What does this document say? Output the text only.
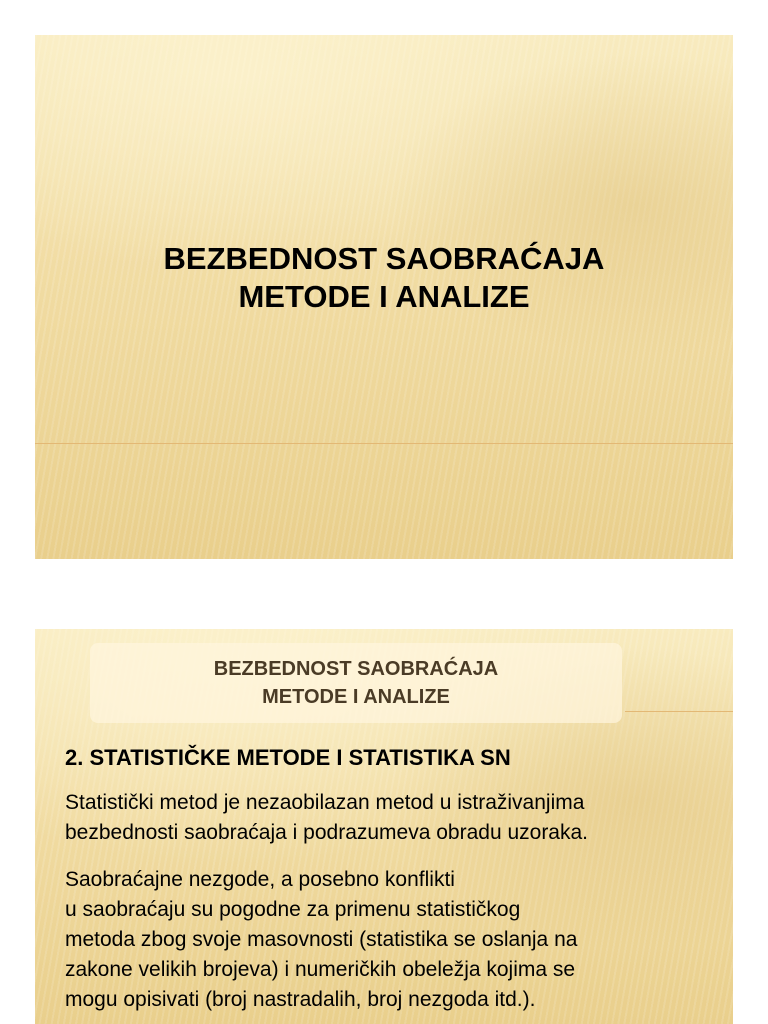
BEZBEDNOST SAOBRAĆAJA
METODE I ANALIZE
BEZBEDNOST SAOBRAĆAJA
METODE I ANALIZE
2. STATISTIČKE METODE I STATISTIKA SN
Statistički metod je nezaobilazan metod u istraživanjima
bezbednosti saobraćaja i podrazumeva obradu uzoraka.
Saobraćajne nezgode, a posebno konflikti
u saobraćaju su pogodne za primenu statističkog
metoda zbog svoje masovnosti (statistika se oslanja na
zakone velikih brojeva) i numeričkih obeležja kojima se
mogu opisivati (broj nastradalih, broj nezgoda itd.).
